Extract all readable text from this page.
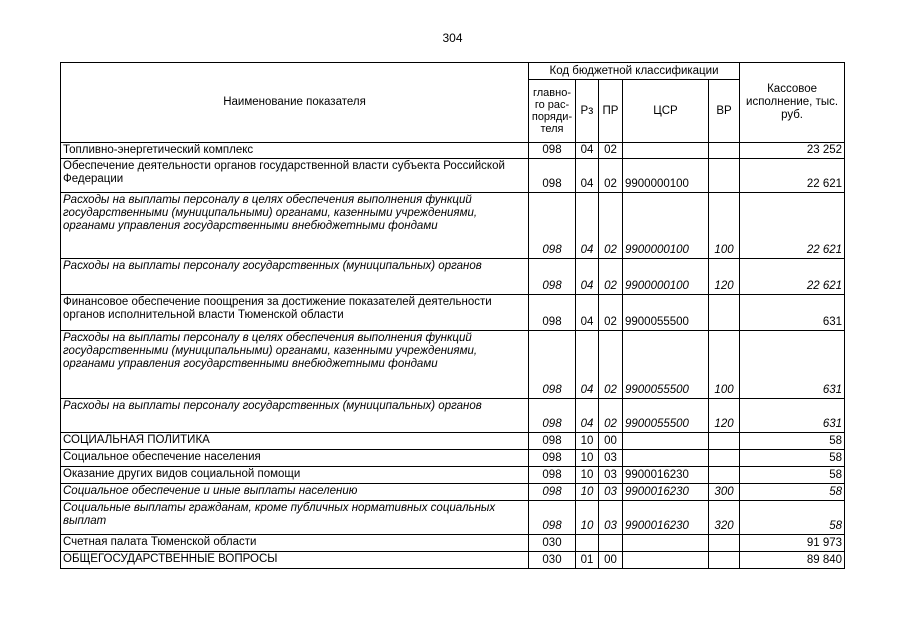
304
Наименование показателя	Код бюджетной классификации					Кассовое исполнение, тыс. руб.
	главно-го рас-поряди-теля	Рз	ПР	ЦСР	ВР	
Топливно-энергетический комплекс	098	04	02			23 252
Обеспечение деятельности органов государственной власти субъекта Российской Федерации	098	04	02	9900000100		22 621
Расходы на выплаты персоналу в целях обеспечения выполнения функций государственными (муниципальными) органами, казенными учреждениями, органами управления государственными внебюджетными фондами	098	04	02	9900000100	100	22 621
Расходы на выплаты персоналу государственных (муниципальных) органов	098	04	02	9900000100	120	22 621
Финансовое обеспечение поощрения за достижение показателей деятельности органов исполнительной власти Тюменской области	098	04	02	9900055500		631
Расходы на выплаты персоналу в целях обеспечения выполнения функций государственными (муниципальными) органами, казенными учреждениями, органами управления государственными внебюджетными фондами	098	04	02	9900055500	100	631
Расходы на выплаты персоналу государственных (муниципальных) органов	098	04	02	9900055500	120	631
СОЦИАЛЬНАЯ ПОЛИТИКА	098	10	00			58
Социальное обеспечение населения	098	10	03			58
Оказание других видов социальной помощи	098	10	03	9900016230		58
Социальное обеспечение и иные выплаты населению	098	10	03	9900016230	300	58
Социальные выплаты гражданам, кроме публичных нормативных социальных выплат	098	10	03	9900016230	320	58
Счетная палата Тюменской области	030					91 973
ОБЩЕГОСУДАРСТВЕННЫЕ ВОПРОСЫ	030	01	00			89 840
